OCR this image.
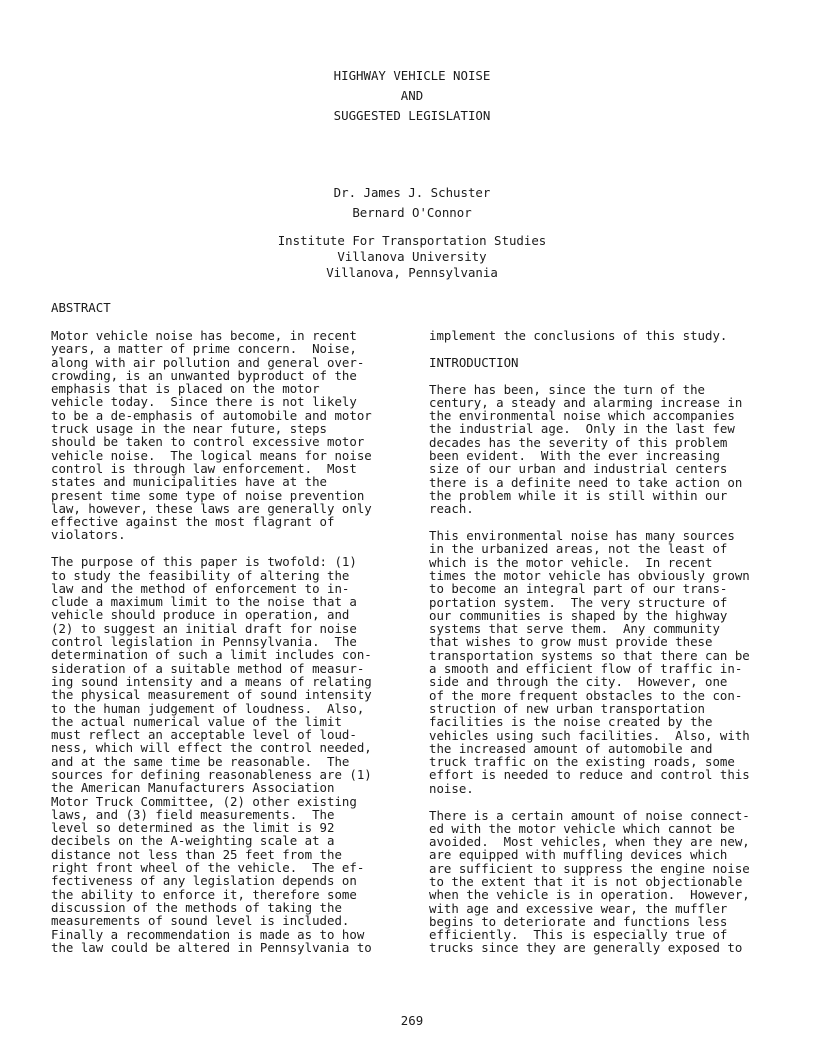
HIGHWAY VEHICLE NOISE
AND
SUGGESTED LEGISLATION
Dr. James J. Schuster
Bernard O'Connor
Institute For Transportation Studies
Villanova University
Villanova, Pennsylvania
ABSTRACT

Motor vehicle noise has become, in recent
years, a matter of prime concern.  Noise,
along with air pollution and general over-
crowding, is an unwanted byproduct of the
emphasis that is placed on the motor
vehicle today.  Since there is not likely
to be a de-emphasis of automobile and motor
truck usage in the near future, steps
should be taken to control excessive motor
vehicle noise.  The logical means for noise
control is through law enforcement.  Most
states and municipalities have at the
present time some type of noise prevention
law, however, these laws are generally only
effective against the most flagrant of
violators.

The purpose of this paper is twofold: (1)
to study the feasibility of altering the
law and the method of enforcement to in-
clude a maximum limit to the noise that a
vehicle should produce in operation, and
(2) to suggest an initial draft for noise
control legislation in Pennsylvania.  The
determination of such a limit includes con-
sideration of a suitable method of measur-
ing sound intensity and a means of relating
the physical measurement of sound intensity
to the human judgement of loudness.  Also,
the actual numerical value of the limit
must reflect an acceptable level of loud-
ness, which will effect the control needed,
and at the same time be reasonable.  The
sources for defining reasonableness are (1)
the American Manufacturers Association
Motor Truck Committee, (2) other existing
laws, and (3) field measurements.  The
level so determined as the limit is 92
decibels on the A-weighting scale at a
distance not less than 25 feet from the
right front wheel of the vehicle.  The ef-
fectiveness of any legislation depends on
the ability to enforce it, therefore some
discussion of the methods of taking the
measurements of sound level is included.
Finally a recommendation is made as to how
the law could be altered in Pennsylvania to

implement the conclusions of this study.

INTRODUCTION

There has been, since the turn of the
century, a steady and alarming increase in
the environmental noise which accompanies
the industrial age.  Only in the last few
decades has the severity of this problem
been evident.  With the ever increasing
size of our urban and industrial centers
there is a definite need to take action on
the problem while it is still within our
reach.

This environmental noise has many sources
in the urbanized areas, not the least of
which is the motor vehicle.  In recent
times the motor vehicle has obviously grown
to become an integral part of our trans-
portation system.  The very structure of
our communities is shaped by the highway
systems that serve them.  Any community
that wishes to grow must provide these
transportation systems so that there can be
a smooth and efficient flow of traffic in-
side and through the city.  However, one
of the more frequent obstacles to the con-
struction of new urban transportation
facilities is the noise created by the
vehicles using such facilities.  Also, with
the increased amount of automobile and
truck traffic on the existing roads, some
effort is needed to reduce and control this
noise.

There is a certain amount of noise connect-
ed with the motor vehicle which cannot be
avoided.  Most vehicles, when they are new,
are equipped with muffling devices which
are sufficient to suppress the engine noise
to the extent that it is not objectionable
when the vehicle is in operation.  However,
with age and excessive wear, the muffler
begins to deteriorate and functions less
efficiently.  This is especially true of
trucks since they are generally exposed to

269
